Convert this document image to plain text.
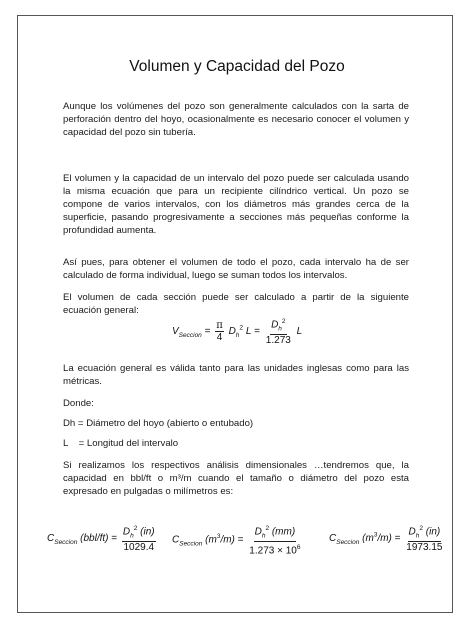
Volumen y Capacidad del Pozo
Aunque los volúmenes del pozo son generalmente calculados con la sarta de perforación dentro del hoyo, ocasionalmente es necesario conocer el volumen y capacidad del pozo sin tubería.
El volumen y la capacidad de un intervalo del pozo puede ser calculada usando la misma ecuación que para un recipiente cilíndrico vertical. Un pozo se compone de varios intervalos, con los diámetros más grandes cerca de la superficie, pasando progresivamente a secciones más pequeñas conforme la profundidad aumenta.
Así pues, para obtener el volumen de todo el pozo, cada intervalo ha de ser calculado de forma individual, luego se suman todos los intervalos.
El volumen de cada sección puede ser calculado a partir de la siguiente ecuación general:
$V_{Seccion} = \frac{\pi}{4} D_h^2$ $L = \frac{D_h^2}{1.273}$ L
La ecuación general es válida tanto para las unidades inglesas como para las métricas.
Donde:
Dh = Diámetro del hoyo (abierto o entubado)
L    = Longitud del intervalo
Si realizamos los respectivos análisis dimensionales …tendremos que, la capacidad en bbl/ft o m³/m cuando el tamaño o diámetro del pozo esta expresado en pulgadas o milímetros es:
$C_{Seccion}$ $(bbl/ft) = \frac{D_h^2 (in)}{1029.4} C_{Seccion}$ $(m^3/m) = \frac{D_h^2 (mm)}{1.273 \times 10^6}$	$C_{Seccion}$ $(m^3/m) = \frac{D_h^2 (in)}{1973.15}$
